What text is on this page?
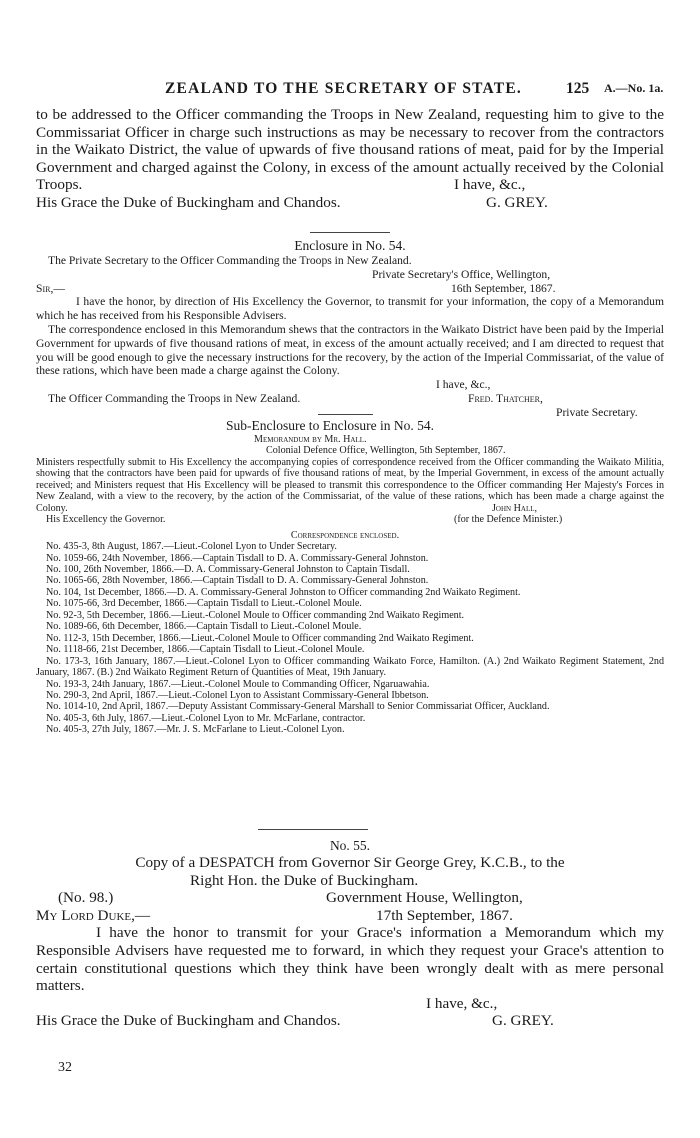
ZEALAND TO THE SECRETARY OF STATE.	125 A.—No. 1a.
to be addressed to the Officer commanding the Troops in New Zealand, requesting him to give to the Commissariat Officer in charge such instructions as may be necessary to recover from the contractors in the Waikato District, the value of upwards of five thousand rations of meat, paid for by the Imperial Government and charged against the Colony, in excess of the amount actually received by the Colonial Troops.	I have, &c.,
His Grace the Duke of Buckingham and Chandos.	G. GREY.
Enclosure in No. 54.
The Private Secretary to the Officer Commanding the Troops in New Zealand.
Private Secretary's Office, Wellington,
Sir,—	16th September, 1867.
I have the honor, by direction of His Excellency the Governor, to transmit for your information, the copy of a Memorandum which he has received from his Responsible Advisers.
The correspondence enclosed in this Memorandum shews that the contractors in the Waikato District have been paid by the Imperial Government for upwards of five thousand rations of meat, in excess of the amount actually received; and I am directed to request that you will be good enough to give the necessary instructions for the recovery, by the action of the Imperial Commissariat, of the value of these rations, which have been made a charge against the Colony.
I have, &c.,
The Officer Commanding the Troops in New Zealand.	Fred. Thatcher,
Private Secretary.
Sub-Enclosure to Enclosure in No. 54.
Memorandum by Mr. Hall.
Colonial Defence Office, Wellington, 5th September, 1867.
Ministers respectfully submit to His Excellency the accompanying copies of correspondence received from the Officer commanding the Waikato Militia, showing that the contractors have been paid for upwards of five thousand rations of meat, by the Imperial Government, in excess of the amount actually received; and Ministers request that His Excellency will be pleased to transmit this correspondence to the Officer commanding Her Majesty's Forces in New Zealand, with a view to the recovery, by the action of the Commissariat, of the value of these rations, which has been made a charge against the Colony.	John Hall,
His Excellency the Governor.	(for the Defence Minister.)
Correspondence enclosed.
No. 435-3, 8th August, 1867.—Lieut.-Colonel Lyon to Under Secretary.
No. 1059-66, 24th November, 1866.—Captain Tisdall to D. A. Commissary-General Johnston.
No. 100, 26th November, 1866.—D. A. Commissary-General Johnston to Captain Tisdall.
No. 1065-66, 28th November, 1866.—Captain Tisdall to D. A. Commissary-General Johnston.
No. 104, 1st December, 1866.—D. A. Commissary-General Johnston to Officer commanding 2nd Waikato Regiment.
No. 1075-66, 3rd December, 1866.—Captain Tisdall to Lieut.-Colonel Moule.
No. 92-3, 5th December, 1866.—Lieut.-Colonel Moule to Officer commanding 2nd Waikato Regiment.
No. 1089-66, 6th December, 1866.—Captain Tisdall to Lieut.-Colonel Moule.
No. 112-3, 15th December, 1866.—Lieut.-Colonel Moule to Officer commanding 2nd Waikato Regiment.
No. 1118-66, 21st December, 1866.—Captain Tisdall to Lieut.-Colonel Moule.
No. 173-3, 16th January, 1867.—Lieut.-Colonel Lyon to Officer commanding Waikato Force, Hamilton. (A.) 2nd Waikato Regiment Statement, 2nd January, 1867. (B.) 2nd Waikato Regiment Return of Quantities of Meat, 19th January.
No. 193-3, 24th January, 1867.—Lieut.-Colonel Moule to Commanding Officer, Ngaruawahia.
No. 290-3, 2nd April, 1867.—Lieut.-Colonel Lyon to Assistant Commissary-General Ibbetson.
No. 1014-10, 2nd April, 1867.—Deputy Assistant Commissary-General Marshall to Senior Commissariat Officer, Auckland.
No. 405-3, 6th July, 1867.—Lieut.-Colonel Lyon to Mr. McFarlane, contractor.
No. 405-3, 27th July, 1867.—Mr. J. S. McFarlane to Lieut.-Colonel Lyon.
No. 55.
Copy of a DESPATCH from Governor Sir George Grey, K.C.B., to the
Right Hon. the Duke of Buckingham.
(No. 98.)	Government House, Wellington,
My Lord Duke,—	17th September, 1867.
I have the honor to transmit for your Grace's information a Memorandum which my Responsible Advisers have requested me to forward, in which they request your Grace's attention to certain constitutional questions which they think have been wrongly dealt with as mere personal matters.
I have, &c.,
His Grace the Duke of Buckingham and Chandos.	G. GREY.
32
